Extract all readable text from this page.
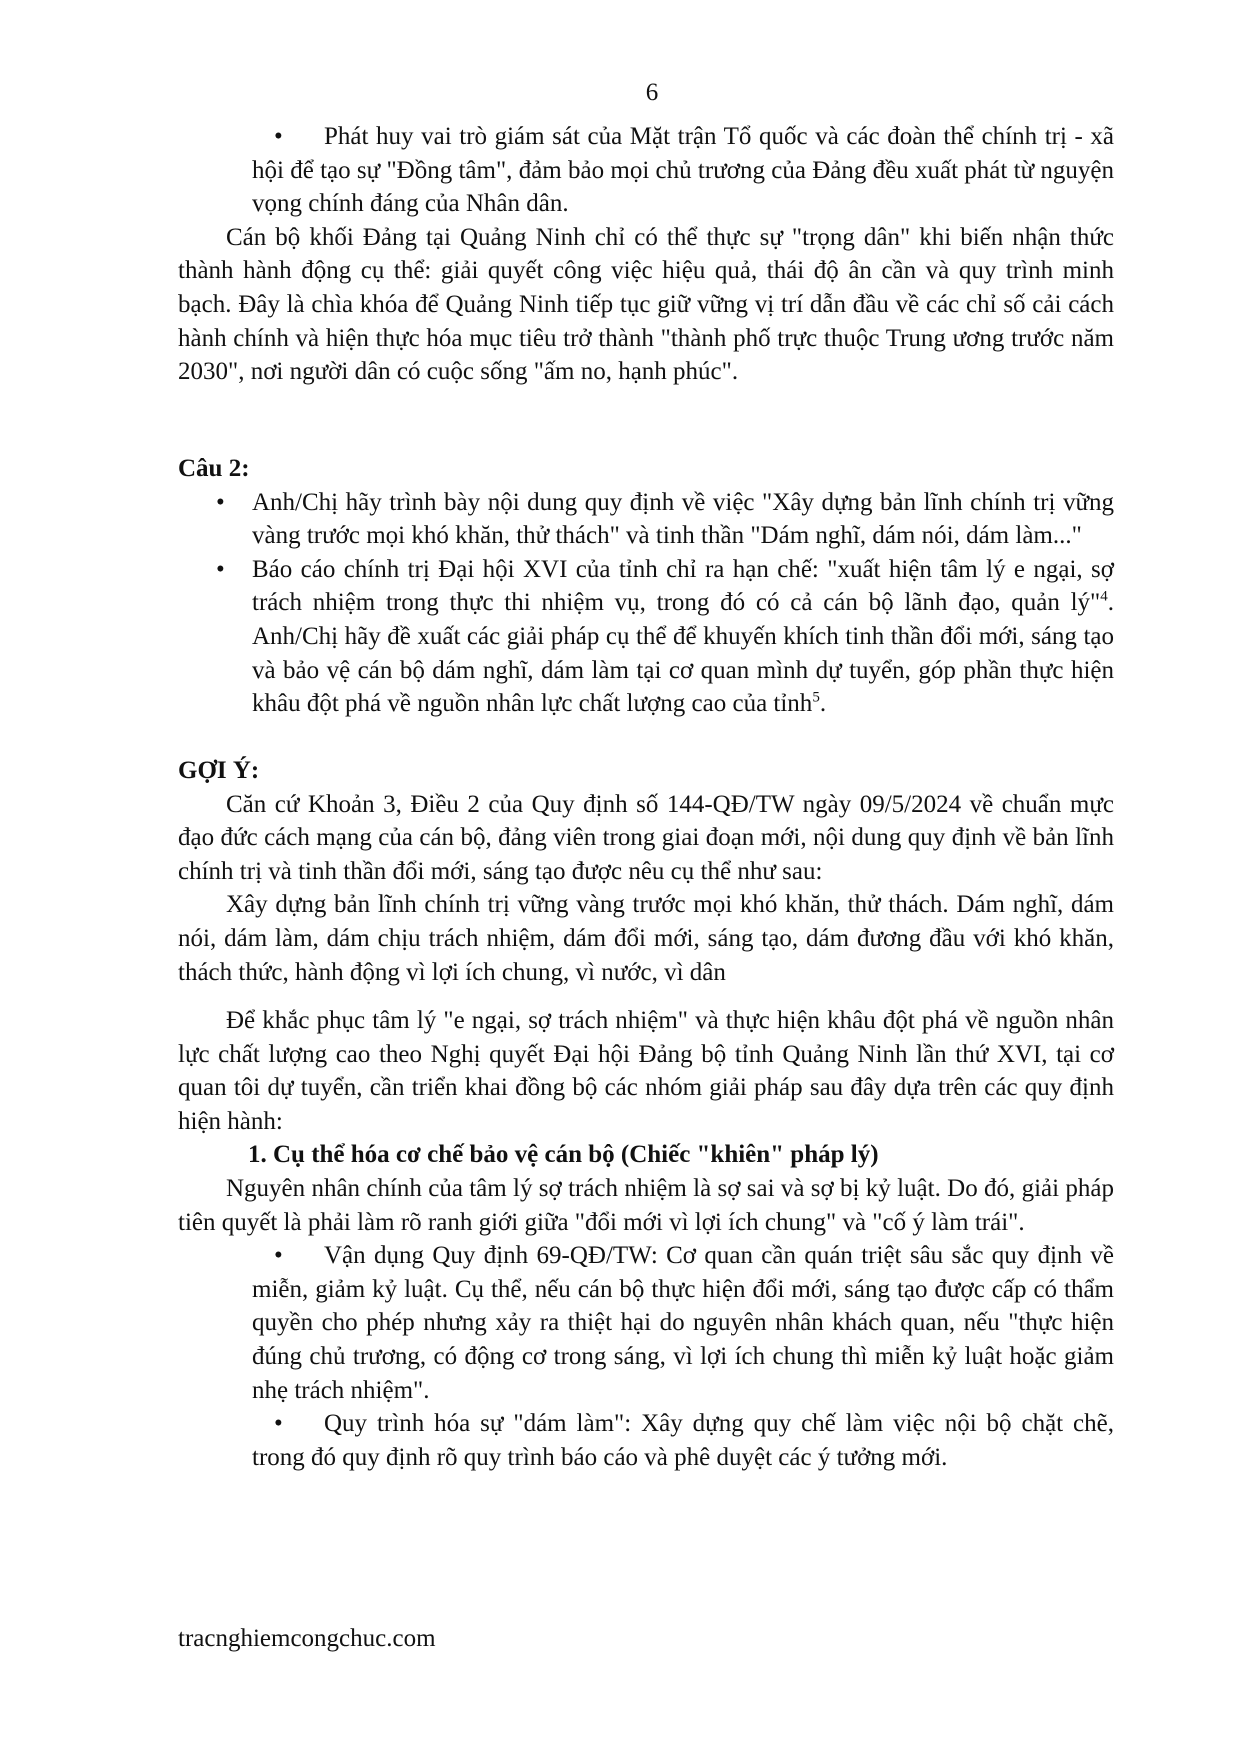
6

• Phát huy vai trò giám sát của Mặt trận Tổ quốc và các đoàn thể chính trị - xã hội để tạo sự "Đồng tâm", đảm bảo mọi chủ trương của Đảng đều xuất phát từ nguyện vọng chính đáng của Nhân dân.

Cán bộ khối Đảng tại Quảng Ninh chỉ có thể thực sự "trọng dân" khi biến nhận thức thành hành động cụ thể: giải quyết công việc hiệu quả, thái độ ân cần và quy trình minh bạch. Đây là chìa khóa để Quảng Ninh tiếp tục giữ vững vị trí dẫn đầu về các chỉ số cải cách hành chính và hiện thực hóa mục tiêu trở thành "thành phố trực thuộc Trung ương trước năm 2030", nơi người dân có cuộc sống "ấm no, hạnh phúc".

Câu 2:

• Anh/Chị hãy trình bày nội dung quy định về việc "Xây dựng bản lĩnh chính trị vững vàng trước mọi khó khăn, thử thách" và tinh thần "Dám nghĩ, dám nói, dám làm..."

• Báo cáo chính trị Đại hội XVI của tỉnh chỉ ra hạn chế: "xuất hiện tâm lý e ngại, sợ trách nhiệm trong thực thi nhiệm vụ, trong đó có cả cán bộ lãnh đạo, quản lý"$^4$. Anh/Chị hãy đề xuất các giải pháp cụ thể để khuyến khích tinh thần đổi mới, sáng tạo và bảo vệ cán bộ dám nghĩ, dám làm tại cơ quan mình dự tuyển, góp phần thực hiện khâu đột phá về nguồn nhân lực chất lượng cao của tỉnh$^5$.

GỢI Ý:

Căn cứ Khoản 3, Điều 2 của Quy định số 144-QĐ/TW ngày 09/5/2024 về chuẩn mực đạo đức cách mạng của cán bộ, đảng viên trong giai đoạn mới, nội dung quy định về bản lĩnh chính trị và tinh thần đổi mới, sáng tạo được nêu cụ thể như sau:

Xây dựng bản lĩnh chính trị vững vàng trước mọi khó khăn, thử thách. Dám nghĩ, dám nói, dám làm, dám chịu trách nhiệm, dám đổi mới, sáng tạo, dám đương đầu với khó khăn, thách thức, hành động vì lợi ích chung, vì nước, vì dân

Để khắc phục tâm lý "e ngại, sợ trách nhiệm" và thực hiện khâu đột phá về nguồn nhân lực chất lượng cao theo Nghị quyết Đại hội Đảng bộ tỉnh Quảng Ninh lần thứ XVI, tại cơ quan tôi dự tuyển, cần triển khai đồng bộ các nhóm giải pháp sau đây dựa trên các quy định hiện hành:

1. Cụ thể hóa cơ chế bảo vệ cán bộ (Chiếc "khiên" pháp lý)

Nguyên nhân chính của tâm lý sợ trách nhiệm là sợ sai và sợ bị kỷ luật. Do đó, giải pháp tiên quyết là phải làm rõ ranh giới giữa "đổi mới vì lợi ích chung" và "cố ý làm trái".

• Vận dụng Quy định 69-QĐ/TW: Cơ quan cần quán triệt sâu sắc quy định về miễn, giảm kỷ luật. Cụ thể, nếu cán bộ thực hiện đổi mới, sáng tạo được cấp có thẩm quyền cho phép nhưng xảy ra thiệt hại do nguyên nhân khách quan, nếu "thực hiện đúng chủ trương, có động cơ trong sáng, vì lợi ích chung thì miễn kỷ luật hoặc giảm nhẹ trách nhiệm".

• Quy trình hóa sự "dám làm": Xây dựng quy chế làm việc nội bộ chặt chẽ, trong đó quy định rõ quy trình báo cáo và phê duyệt các ý tưởng mới.

tracnghiemcongchuc.com
